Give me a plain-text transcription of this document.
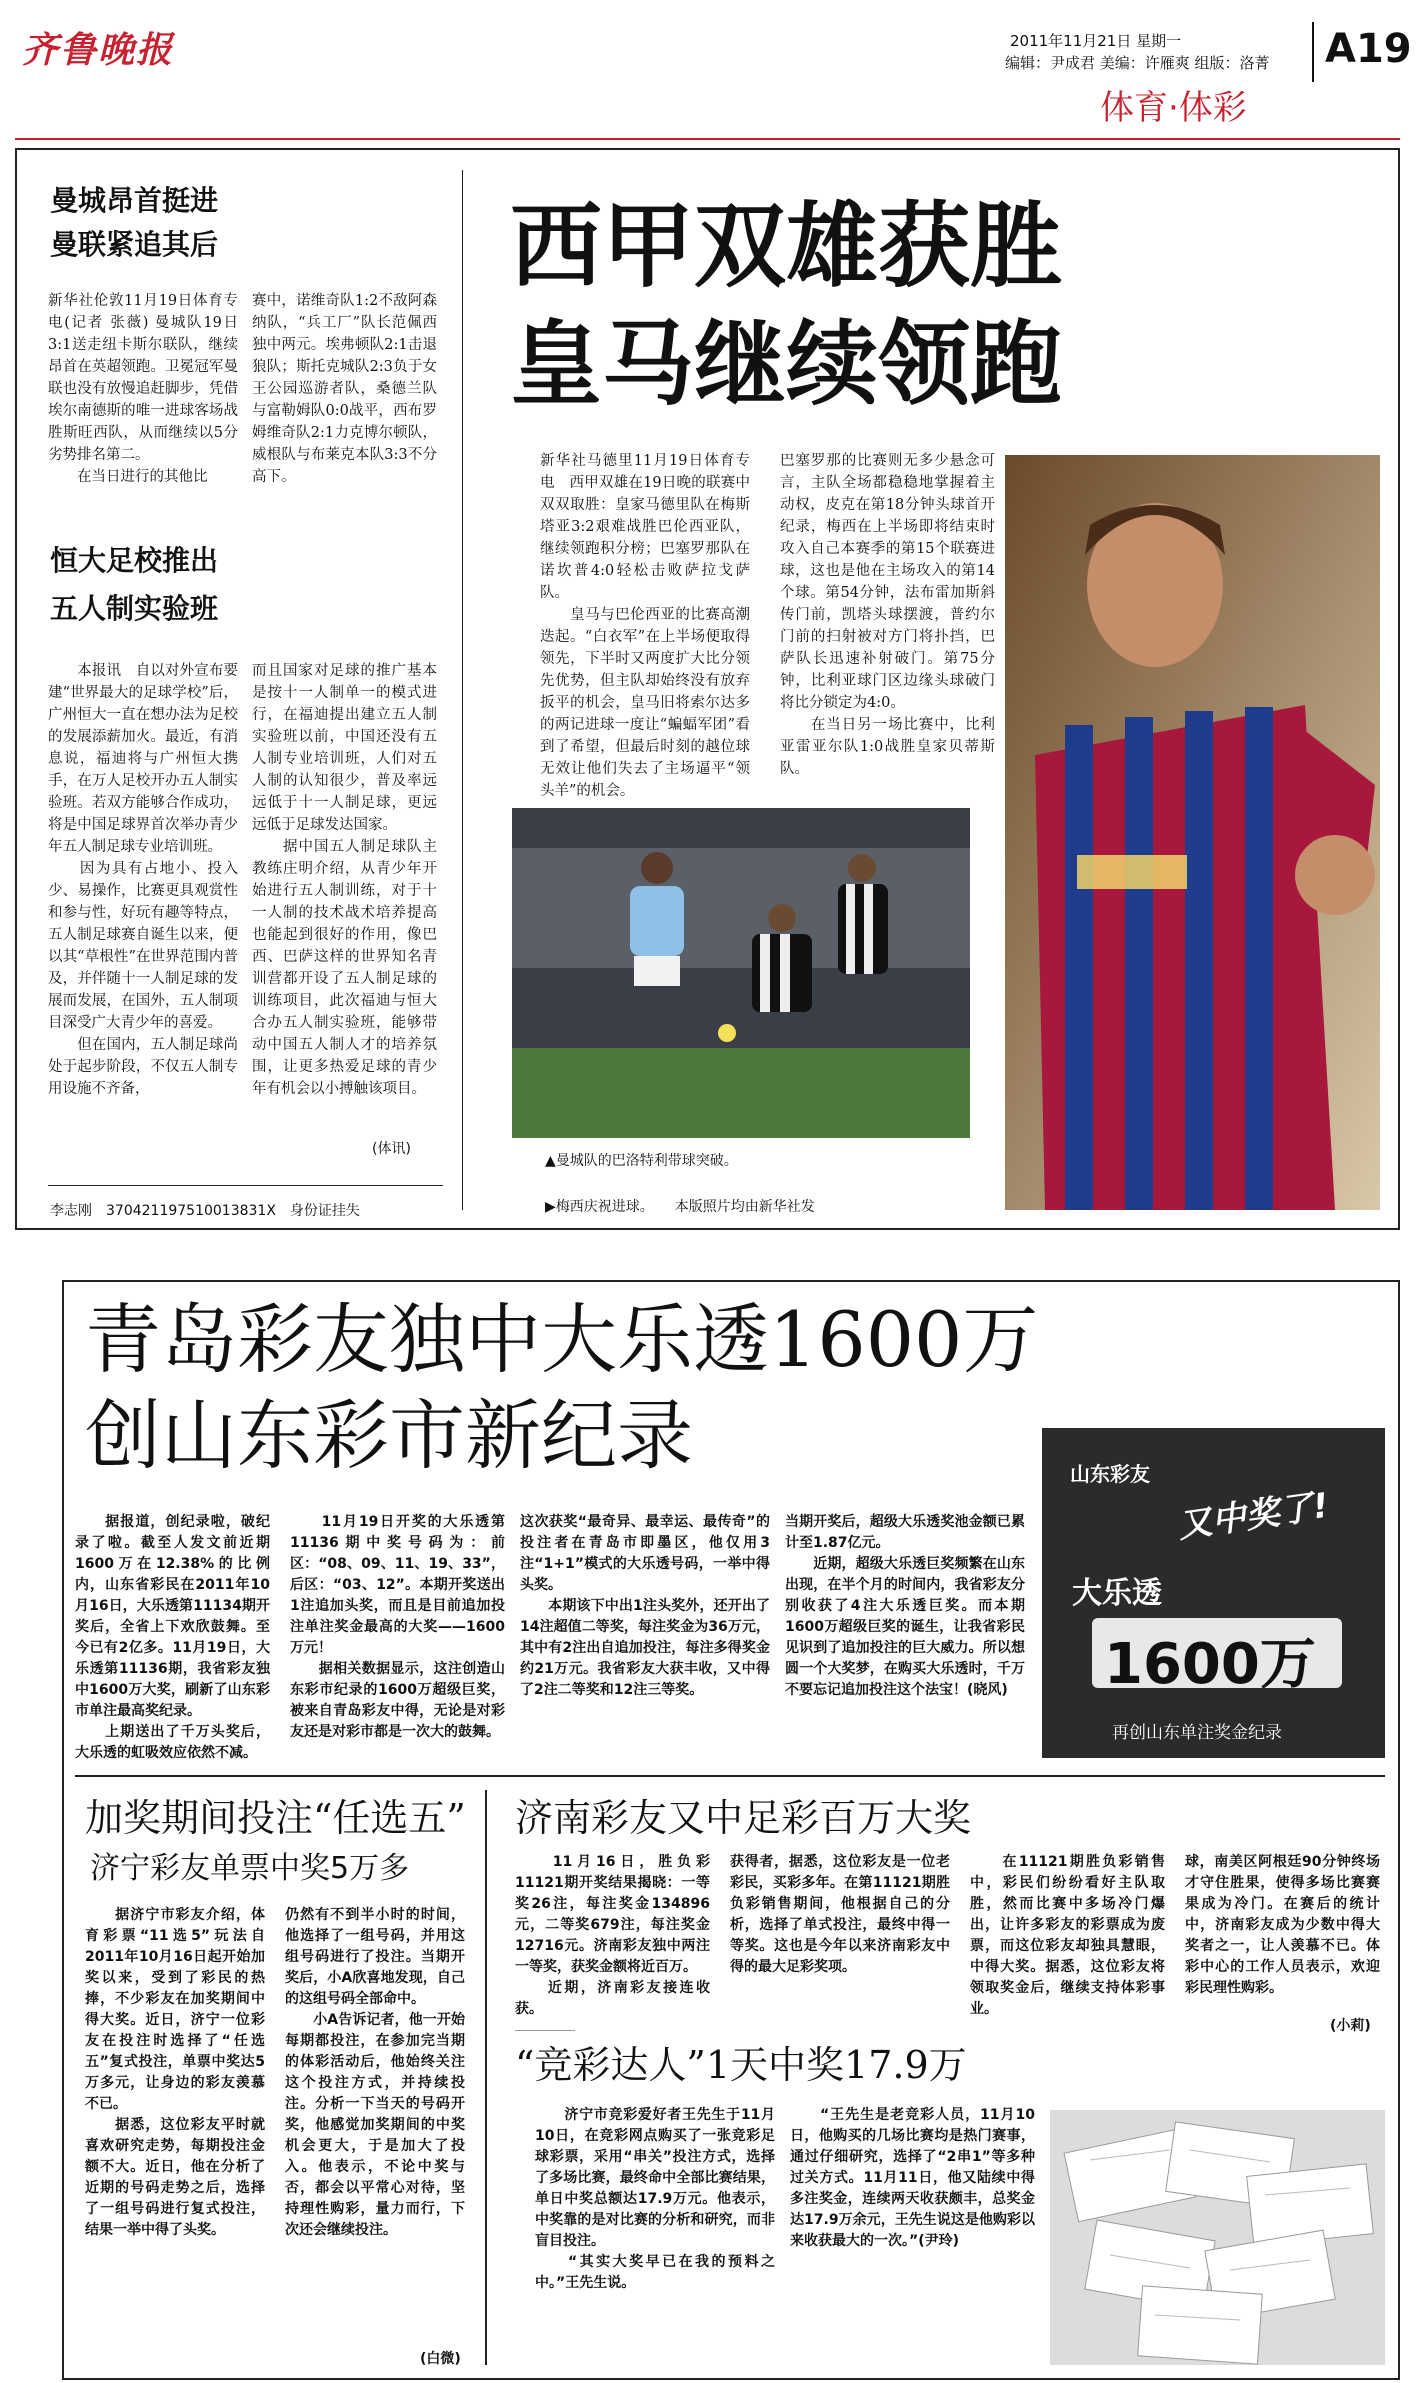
齐鲁晚报	2011年11月21日 星期一
编辑：尹成君 美编：许雁爽 组版：洛菁 A19
体育·体彩
曼城昂首挺进
曼联紧追其后
新华社伦敦11月19日体育专电(记者 张薇) 曼城队19日3:1送走纽卡斯尔联队，继续昂首在英超领跑。卫冕冠军曼联也没有放慢追赶脚步，凭借埃尔南德斯的唯一进球客场战胜斯旺西队，从而继续以5分劣势排名第二。
　　在当日进行的其他比
赛中，诺维奇队1:2不敌阿森纳队，“兵工厂”队长范佩西独中两元。埃弗顿队2:1击退狼队；斯托克城队2:3负于女王公园巡游者队，桑德兰队与富勒姆队0:0战平，西布罗姆维奇队2:1力克博尔顿队，威根队与布莱克本队3:3不分高下。
恒大足校推出
五人制实验班
　　本报讯　自以对外宣布要建“世界最大的足球学校”后，广州恒大一直在想办法为足校的发展添薪加火。最近，有消息说，福迪将与广州恒大携手，在万人足校开办五人制实验班。若双方能够合作成功，将是中国足球界首次举办青少年五人制足球专业培训班。
　　因为具有占地小、投入少、易操作，比赛更具观赏性和参与性，好玩有趣等特点，五人制足球赛自诞生以来，便以其“草根性”在世界范围内普及，并伴随十一人制足球的发展而发展，在国外，五人制项目深受广大青少年的喜爱。
　　但在国内，五人制足球尚处于起步阶段，不仅五人制专用设施不齐备，
而且国家对足球的推广基本是按十一人制单一的模式进行，在福迪提出建立五人制实验班以前，中国还没有五人制专业培训班，人们对五人制的认知很少，普及率远远低于十一人制足球，更远远低于足球发达国家。
　　据中国五人制足球队主教练庄明介绍，从青少年开始进行五人制训练，对于十一人制的技术战术培养提高也能起到很好的作用，像巴西、巴萨这样的世界知名青训营都开设了五人制足球的训练项目，此次福迪与恒大合办五人制实验班，能够带动中国五人制人才的培养氛围，让更多热爱足球的青少年有机会以小搏触该项目。
(体讯)
李志刚　370421197510013831X　身份证挂失
西甲双雄获胜
皇马继续领跑
新华社马德里11月19日体育专电　西甲双雄在19日晚的联赛中双双取胜：皇家马德里队在梅斯塔亚3:2艰难战胜巴伦西亚队，继续领跑积分榜；巴塞罗那队在诺坎普4:0轻松击败萨拉戈萨队。
　　皇马与巴伦西亚的比赛高潮迭起。“白衣军”在上半场便取得领先，下半时又两度扩大比分领先优势，但主队却始终没有放弃扳平的机会，皇马旧将索尔达多的两记进球一度让“蝙蝠军团”看到了希望，但最后时刻的越位球无效让他们失去了主场逼平“领头羊”的机会。
巴塞罗那的比赛则无多少悬念可言，主队全场都稳稳地掌握着主动权，皮克在第18分钟头球首开纪录，梅西在上半场即将结束时攻入自己本赛季的第15个联赛进球，这也是他在主场攻入的第14个球。第54分钟，法布雷加斯斜传门前，凯塔头球摆渡，普约尔门前的扫射被对方门将扑挡，巴萨队长迅速补射破门。第75分钟，比利亚球门区边缘头球破门将比分锁定为4:0。
　　在当日另一场比赛中，比利亚雷亚尔队1:0战胜皇家贝蒂斯队。
▲曼城队的巴洛特利带球突破。
▶梅西庆祝进球。　　本版照片均由新华社发
青岛彩友独中大乐透1600万
创山东彩市新纪录	山东彩友
又中奖了!
大乐透
1600万
再创山东单注奖金纪录
　　据报道，创纪录啦，破纪录了啦。截至人发文前近期1600万在12.38%的比例内，山东省彩民在2011年10月16日，大乐透第11134期开奖后，全省上下欢欣鼓舞。至今已有2亿多。11月19日，大乐透第11136期，我省彩友独中1600万大奖，刷新了山东彩市单注最高奖纪录。
　　上期送出了千万头奖后，大乐透的虹吸效应依然不减。
　　11月19日开奖的大乐透第11136期中奖号码为：前区：“08、09、11、19、33”，后区：“03、12”。本期开奖送出1注追加头奖，而且是目前追加投注单注奖金最高的大奖——1600万元！
　　据相关数据显示，这注创造山东彩市纪录的1600万超级巨奖，被来自青岛彩友中得，无论是对彩友还是对彩市都是一次大的鼓舞。
这次获奖“最奇异、最幸运、最传奇”的投注者在青岛市即墨区，他仅用3注“1+1”模式的大乐透号码，一举中得头奖。
　　本期该下中出1注头奖外，还开出了14注超值二等奖，每注奖金为36万元，其中有2注出自追加投注，每注多得奖金约21万元。我省彩友大获丰收，又中得了2注二等奖和12注三等奖。
当期开奖后，超级大乐透奖池金额已累计至1.87亿元。
　　近期，超级大乐透巨奖频繁在山东出现，在半个月的时间内，我省彩友分别收获了4注大乐透巨奖。而本期1600万超级巨奖的诞生，让我省彩民见识到了追加投注的巨大威力。所以想圆一个大奖梦，在购买大乐透时，千万不要忘记追加投注这个法宝！(晓风)
加奖期间投注“任选五”
济宁彩友单票中奖5万多
　　据济宁市彩友介绍，体育彩票“11选5”玩法自2011年10月16日起开始加奖以来，受到了彩民的热捧，不少彩友在加奖期间中得大奖。近日，济宁一位彩友在投注时选择了“任选五”复式投注，单票中奖达5万多元，让身边的彩友羡慕不已。
　　据悉，这位彩友平时就喜欢研究走势，每期投注金额不大。近日，他在分析了近期的号码走势之后，选择了一组号码进行复式投注，结果一举中得了头奖。
仍然有不到半小时的时间，他选择了一组号码，并用这组号码进行了投注。当期开奖后，小A欣喜地发现，自己的这组号码全部命中。
　　小A告诉记者，他一开始每期都投注，在参加完当期的体彩活动后，他始终关注这个投注方式，并持续投注。分析一下当天的号码开奖，他感觉加奖期间的中奖机会更大，于是加大了投入。他表示，不论中奖与否，都会以平常心对待，坚持理性购彩，量力而行，下次还会继续投注。
(白微)
济南彩友又中足彩百万大奖
　　11月16日，胜负彩11121期开奖结果揭晓：一等奖26注，每注奖金134896元，二等奖679注，每注奖金12716元。济南彩友独中两注一等奖，获奖金额将近百万。
　　近期，济南彩友接连收获。
获得者，据悉，这位彩友是一位老彩民，买彩多年。在第11121期胜负彩销售期间，他根据自己的分析，选择了单式投注，最终中得一等奖。这也是今年以来济南彩友中得的最大足彩奖项。
　　在11121期胜负彩销售中，彩民们纷纷看好主队取胜，然而比赛中多场冷门爆出，让许多彩友的彩票成为废票，而这位彩友却独具慧眼，中得大奖。据悉，这位彩友将领取奖金后，继续支持体彩事业。
球，南美区阿根廷90分钟终场才守住胜果，使得多场比赛赛果成为冷门。在赛后的统计中，济南彩友成为少数中得大奖者之一，让人羡慕不已。体彩中心的工作人员表示，欢迎彩民理性购彩。
(小莉)
“竞彩达人”1天中奖17.9万
　　济宁市竞彩爱好者王先生于11月10日，在竞彩网点购买了一张竞彩足球彩票，采用“串关”投注方式，选择了多场比赛，最终命中全部比赛结果，单日中奖总额达17.9万元。他表示，中奖靠的是对比赛的分析和研究，而非盲目投注。
　　“其实大奖早已在我的预料之中。”王先生说。
　　“王先生是老竞彩人员，11月10日，他购买的几场比赛均是热门赛事，通过仔细研究，选择了“2串1”等多种过关方式。11月11日，他又陆续中得多注奖金，连续两天收获颇丰，总奖金达17.9万余元，王先生说这是他购彩以来收获最大的一次。”(尹玲)
